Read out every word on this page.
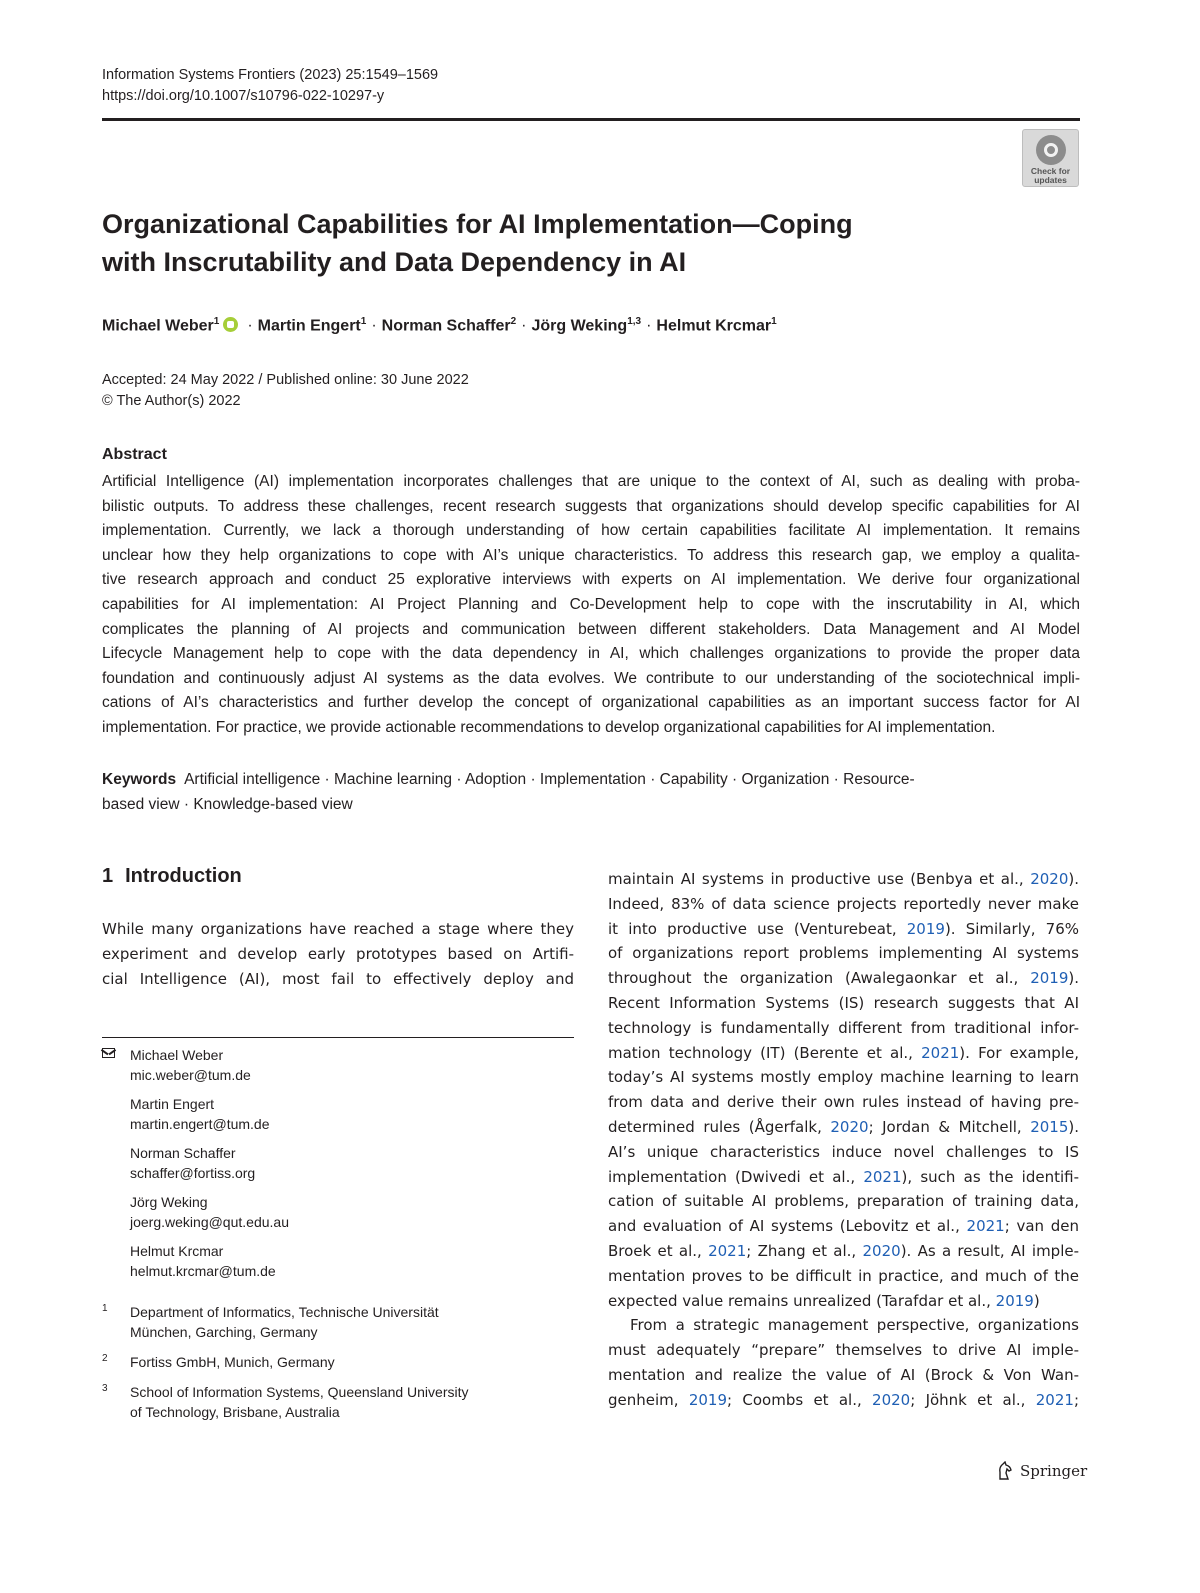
Information Systems Frontiers (2023) 25:1549–1569
https://doi.org/10.1007/s10796-022-10297-y
Check for
updates
Organizational Capabilities for AI Implementation—Coping
with Inscrutability and Data Dependency in AI
Michael Weber$^1$ · Martin Engert$^1$ · Norman Schaffer$^2$ · Jörg Weking$^{1,3}$ · Helmut Krcmar$^1$
Accepted: 24 May 2022 / Published online: 30 June 2022
© The Author(s) 2022
Abstract
Artificial Intelligence (AI) implementation incorporates challenges that are unique to the context of AI, such as dealing with proba-
bilistic outputs. To address these challenges, recent research suggests that organizations should develop specific capabilities for AI
implementation. Currently, we lack a thorough understanding of how certain capabilities facilitate AI implementation. It remains
unclear how they help organizations to cope with AI’s unique characteristics. To address this research gap, we employ a qualita-
tive research approach and conduct 25 explorative interviews with experts on AI implementation. We derive four organizational
capabilities for AI implementation: AI Project Planning and Co-Development help to cope with the inscrutability in AI, which
complicates the planning of AI projects and communication between different stakeholders. Data Management and AI Model
Lifecycle Management help to cope with the data dependency in AI, which challenges organizations to provide the proper data
foundation and continuously adjust AI systems as the data evolves. We contribute to our understanding of the sociotechnical impli-
cations of AI’s characteristics and further develop the concept of organizational capabilities as an important success factor for AI
implementation. For practice, we provide actionable recommendations to develop organizational capabilities for AI implementation.
Keywords Artificial intelligence · Machine learning · Adoption · Implementation · Capability · Organization · Resource-
based view · Knowledge-based view
1 Introduction
While many organizations have reached a stage where they
experiment and develop early prototypes based on Artifi-
cial Intelligence (AI), most fail to effectively deploy and
Michael Weber
mic.weber@tum.de
Martin Engert
martin.engert@tum.de
Norman Schaffer
schaffer@fortiss.org
Jörg Weking
joerg.weking@qut.edu.au
Helmut Krcmar
helmut.krcmar@tum.de
1 Department of Informatics, Technische Universität
München, Garching, Germany
2 Fortiss GmbH, Munich, Germany
3 School of Information Systems, Queensland University
of Technology, Brisbane, Australia
maintain AI systems in productive use (Benbya et al., 2020).
Indeed, 83% of data science projects reportedly never make
it into productive use (Venturebeat, 2019). Similarly, 76%
of organizations report problems implementing AI systems
throughout the organization (Awalegaonkar et al., 2019).
Recent Information Systems (IS) research suggests that AI
technology is fundamentally different from traditional infor-
mation technology (IT) (Berente et al., 2021). For example,
today’s AI systems mostly employ machine learning to learn
from data and derive their own rules instead of having pre-
determined rules (Ågerfalk, 2020; Jordan & Mitchell, 2015).
AI’s unique characteristics induce novel challenges to IS
implementation (Dwivedi et al., 2021), such as the identifi-
cation of suitable AI problems, preparation of training data,
and evaluation of AI systems (Lebovitz et al., 2021; van den
Broek et al., 2021; Zhang et al., 2020). As a result, AI imple-
mentation proves to be difficult in practice, and much of the
expected value remains unrealized (Tarafdar et al., 2019)
From a strategic management perspective, organizations
must adequately “prepare” themselves to drive AI imple-
mentation and realize the value of AI (Brock & Von Wan-
genheim, 2019; Coombs et al., 2020; Jöhnk et al., 2021;
Springer
